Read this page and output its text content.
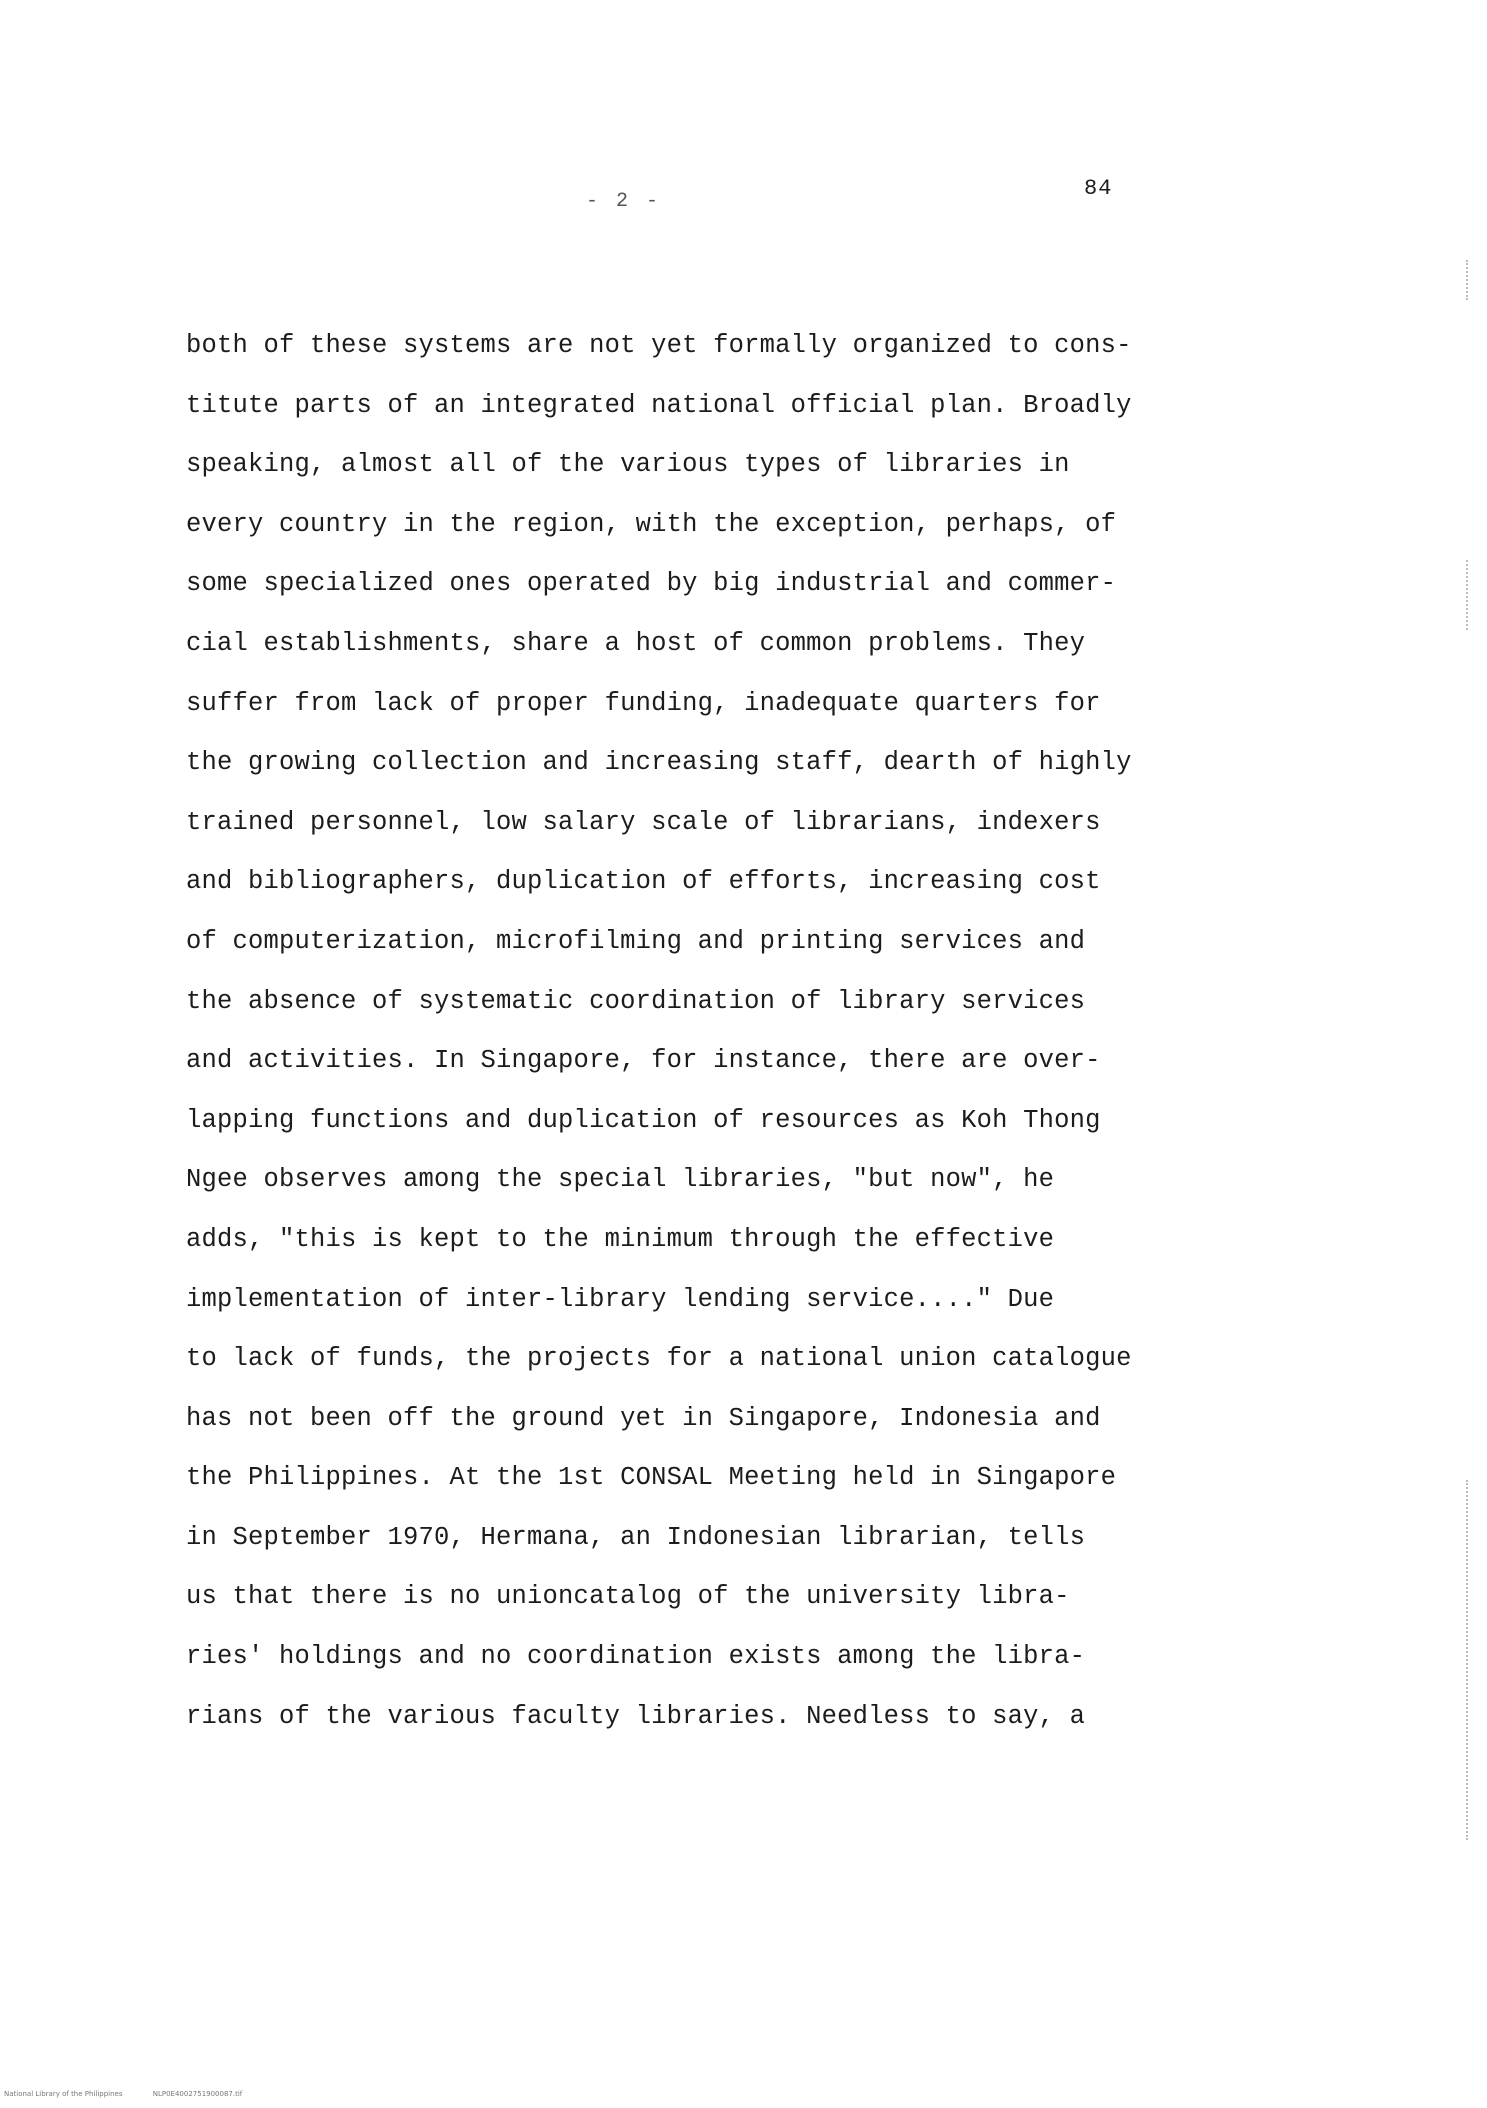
84
- 2 -
both of these systems are not yet formally organized to cons-
titute parts of an integrated national official plan. Broadly
speaking, almost all of the various types of libraries in
every country in the region, with the exception, perhaps, of
some specialized ones operated by big industrial and commer-
cial establishments, share a host of common problems. They
suffer from lack of proper funding, inadequate quarters for
the growing collection and increasing staff, dearth of highly
trained personnel, low salary scale of librarians, indexers
and bibliographers, duplication of efforts, increasing cost
of computerization, microfilming and printing services and
the absence of systematic coordination of library services
and activities. In Singapore, for instance, there are over-
lapping functions and duplication of resources as Koh Thong
Ngee observes among the special libraries, "but now", he
adds, "this is kept to the minimum through the effective
implementation of inter-library lending service...." Due
to lack of funds, the projects for a national union catalogue
has not been off the ground yet in Singapore, Indonesia and
the Philippines. At the 1st CONSAL Meeting held in Singapore
in September 1970, Hermana, an Indonesian librarian, tells
us that there is no unioncatalog of the university libra-
ries' holdings and no coordination exists among the libra-
rians of the various faculty libraries. Needless to say, a
National Library of the Philippines	NLP0E4002751900087.tif
